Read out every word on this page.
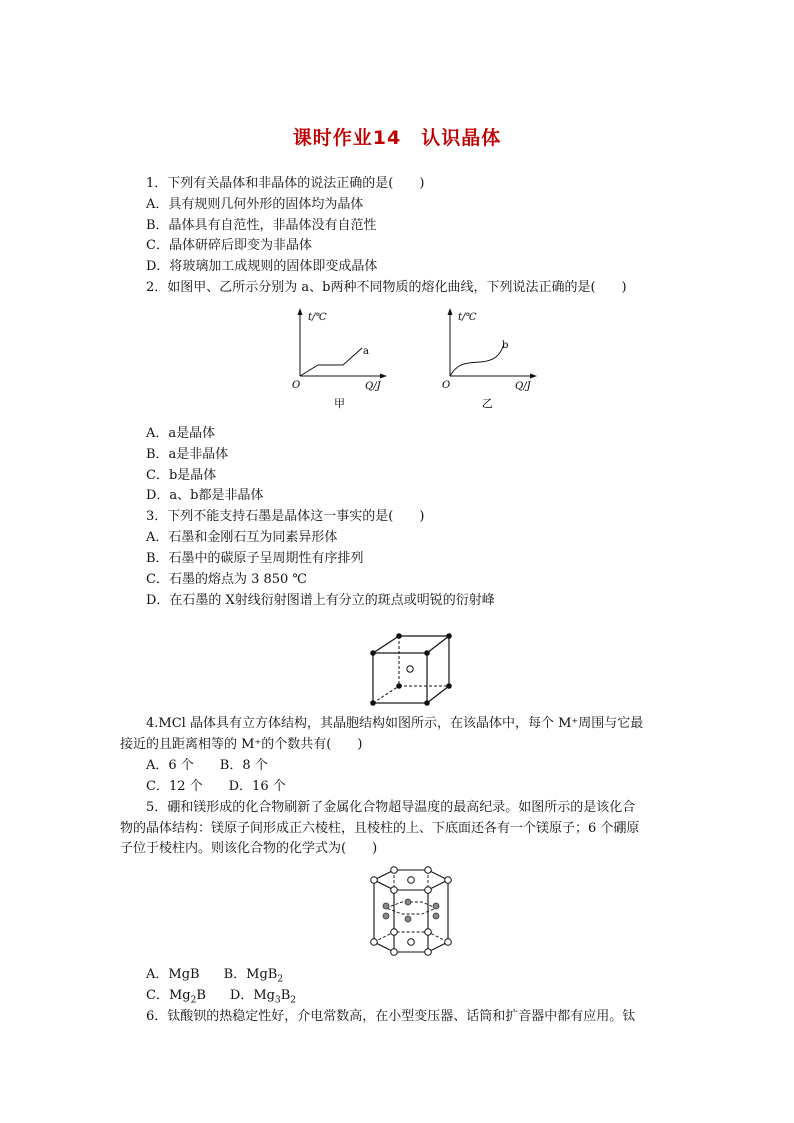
课时作业14　认识晶体
1．下列有关晶体和非晶体的说法正确的是(　　)
A．具有规则几何外形的固体均为晶体
B．晶体具有自范性，非晶体没有自范性
C．晶体研碎后即变为非晶体
D．将玻璃加工成规则的固体即变成晶体
2．如图甲、乙所示分别为 a、b两种不同物质的熔化曲线，下列说法正确的是(　　)
t/℃
Q/J
O
a
甲
t/℃
Q/J
O
b
乙
A．a是晶体
B．a是非晶体
C．b是晶体
D．a、b都是非晶体
3．下列不能支持石墨是晶体这一事实的是(　　)
A．石墨和金刚石互为同素异形体
B．石墨中的碳原子呈周期性有序排列
C．石墨的熔点为 3 850 ℃
D．在石墨的 X射线衍射图谱上有分立的斑点或明锐的衍射峰
4.MCl 晶体具有立方体结构，其晶胞结构如图所示，在该晶体中，每个 M⁺周围与它最
接近的且距离相等的 M⁺的个数共有(　　)
A．6 个　　B．8 个
C．12 个　　D．16 个
5．硼和镁形成的化合物刷新了金属化合物超导温度的最高纪录。如图所示的是该化合
物的晶体结构：镁原子间形成正六棱柱，且棱柱的上、下底面还各有一个镁原子；6 个硼原
子位于棱柱内。则该化合物的化学式为(　　)
A．MgB B．MgB$_2$
C．$Mg_2B$ D．$Mg_3B_2$
6．钛酸钡的热稳定性好，介电常数高，在小型变压器、话筒和扩音器中都有应用。钛
